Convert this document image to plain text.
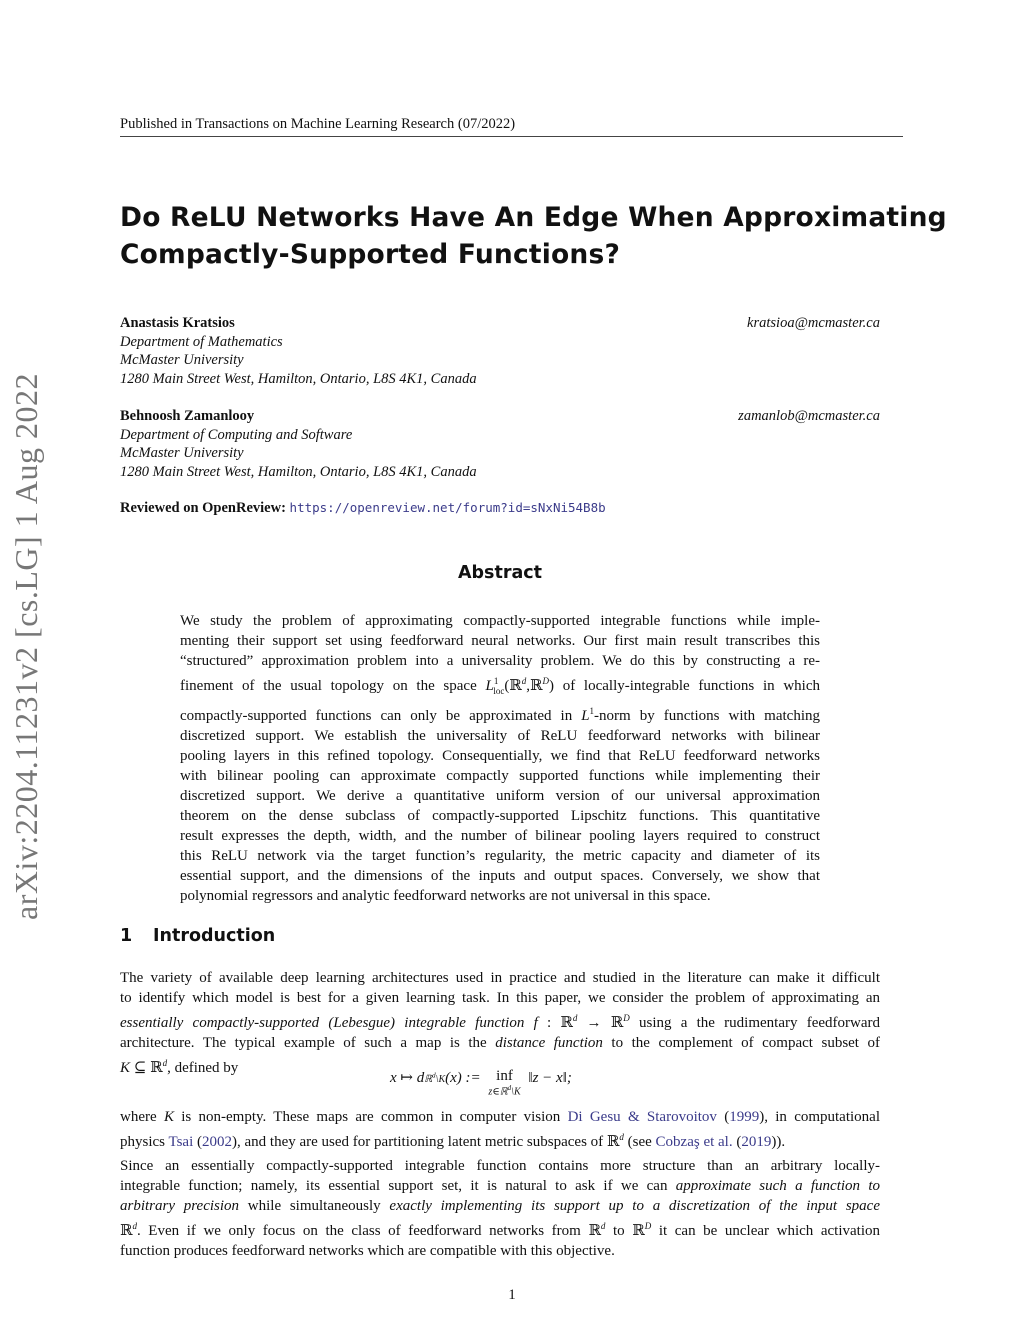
Published in Transactions on Machine Learning Research (07/2022)
arXiv:2204.11231v2 [cs.LG] 1 Aug 2022
Do ReLU Networks Have An Edge When Approximating
Compactly-Supported Functions?
Anastasis Kratsios	kratsioa@mcmaster.ca
Department of Mathematics
McMaster University
1280 Main Street West, Hamilton, Ontario, L8S 4K1, Canada
Behnoosh Zamanlooy	zamanlob@mcmaster.ca
Department of Computing and Software
McMaster University
1280 Main Street West, Hamilton, Ontario, L8S 4K1, Canada
Reviewed on OpenReview: https://openreview.net/forum?id=sNxNi54B8b
Abstract
We study the problem of approximating compactly-supported integrable functions while imple-
menting their support set using feedforward neural networks. Our first main result transcribes this
“structured” approximation problem into a universality problem. We do this by constructing a re-
finement of the usual topology on the space $L^1_{loc}(ℝ^d,ℝ^D)$ of locally-integrable functions in which
compactly-supported functions can only be approximated in $L^1$-norm by functions with matching
discretized support. We establish the universality of ReLU feedforward networks with bilinear
pooling layers in this refined topology. Consequentially, we find that ReLU feedforward networks
with bilinear pooling can approximate compactly supported functions while implementing their
discretized support. We derive a quantitative uniform version of our universal approximation
theorem on the dense subclass of compactly-supported Lipschitz functions. This quantitative
result expresses the depth, width, and the number of bilinear pooling layers required to construct
this ReLU network via the target function’s regularity, the metric capacity and diameter of its
essential support, and the dimensions of the inputs and output spaces. Conversely, we show that
polynomial regressors and analytic feedforward networks are not universal in this space.
1 Introduction
The variety of available deep learning architectures used in practice and studied in the literature can make it difficult
to identify which model is best for a given learning task. In this paper, we consider the problem of approximating an
essentially compactly-supported (Lebesgue) integrable function f : ℝ$^d$ → ℝ$^D$ using a the rudimentary feedforward
architecture. The typical example of such a map is the distance function to the complement of compact subset of
K ⊆ ℝ$^d$, defined by
x ↦ dℝ$^d$\K(x) := inf
z∈ℝ$^d$\K
‖z − x‖;
where K is non-empty. These maps are common in computer vision Di Gesu & Starovoitov (1999), in computational
physics Tsai (2002), and they are used for partitioning latent metric subspaces of ℝ$^d$ (see Cobzaş et al. (2019)).
Since an essentially compactly-supported integrable function contains more structure than an arbitrary locally-
integrable function; namely, its essential support set, it is natural to ask if we can approximate such a function to
arbitrary precision while simultaneously exactly implementing its support up to a discretization of the input space
ℝ$^d$. Even if we only focus on the class of feedforward networks from ℝ$^d$ to ℝ$^D$ it can be unclear which activation
function produces feedforward networks which are compatible with this objective.
1
